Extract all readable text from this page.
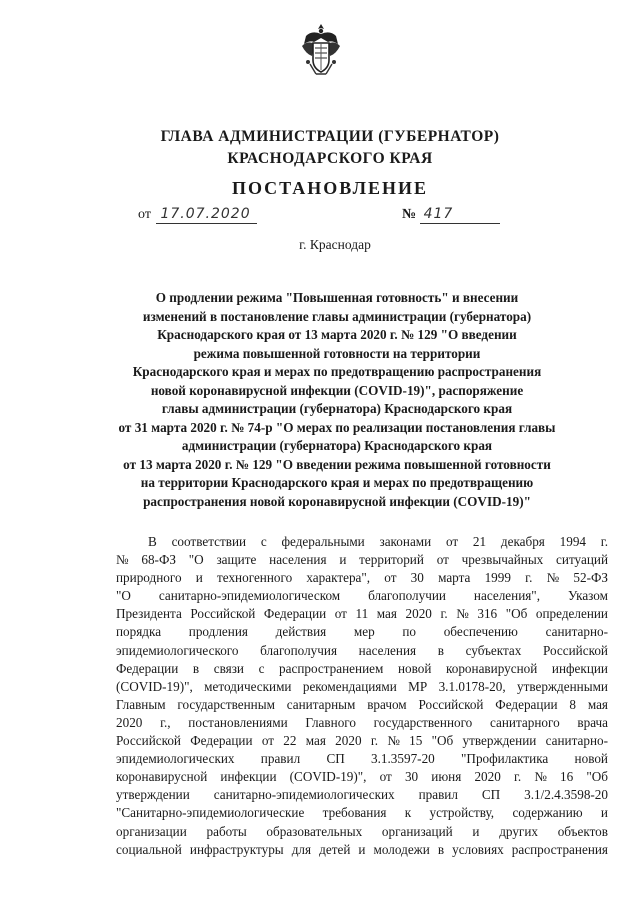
ГЛАВА АДМИНИСТРАЦИИ (ГУБЕРНАТОР)
КРАСНОДАРСКОГО КРАЯ
ПОСТАНОВЛЕНИЕ
от 17.07.2020	№ 417
г. Краснодар
О продлении режима "Повышенная готовность" и внесении
изменений в постановление главы администрации (губернатора)
Краснодарского края от 13 марта 2020 г. № 129 "О введении
режима повышенной готовности на территории
Краснодарского края и мерах по предотвращению распространения
новой коронавирусной инфекции (COVID-19)", распоряжение
главы администрации (губернатора) Краснодарского края
от 31 марта 2020 г. № 74-р "О мерах по реализации постановления главы
администрации (губернатора) Краснодарского края
от 13 марта 2020 г. № 129 "О введении режима повышенной готовности
на территории Краснодарского края и мерах по предотвращению
распространения новой коронавирусной инфекции (COVID-19)"
В соответствии с федеральными законами от 21 декабря 1994 г.
№ 68-ФЗ "О защите населения и территорий от чрезвычайных ситуаций
природного и техногенного характера", от 30 марта 1999 г. № 52-ФЗ
"О санитарно-эпидемиологическом благополучии населения", Указом
Президента Российской Федерации от 11 мая 2020 г. № 316 "Об определении
порядка продления действия мер по обеспечению санитарно-
эпидемиологического благополучия населения в субъектах Российской
Федерации в связи с распространением новой коронавирусной инфекции
(COVID-19)", методическими рекомендациями МР 3.1.0178-20, утвержденными
Главным государственным санитарным врачом Российской Федерации 8 мая
2020 г., постановлениями Главного государственного санитарного врача
Российской Федерации от 22 мая 2020 г. № 15 "Об утверждении санитарно-
эпидемиологических правил СП 3.1.3597-20 "Профилактика новой
коронавирусной инфекции (COVID-19)", от 30 июня 2020 г. № 16 "Об
утверждении санитарно-эпидемиологических правил СП 3.1/2.4.3598-20
"Санитарно-эпидемиологические требования к устройству, содержанию и
организации работы образовательных организаций и других объектов
социальной инфраструктуры для детей и молодежи в условиях распространения
